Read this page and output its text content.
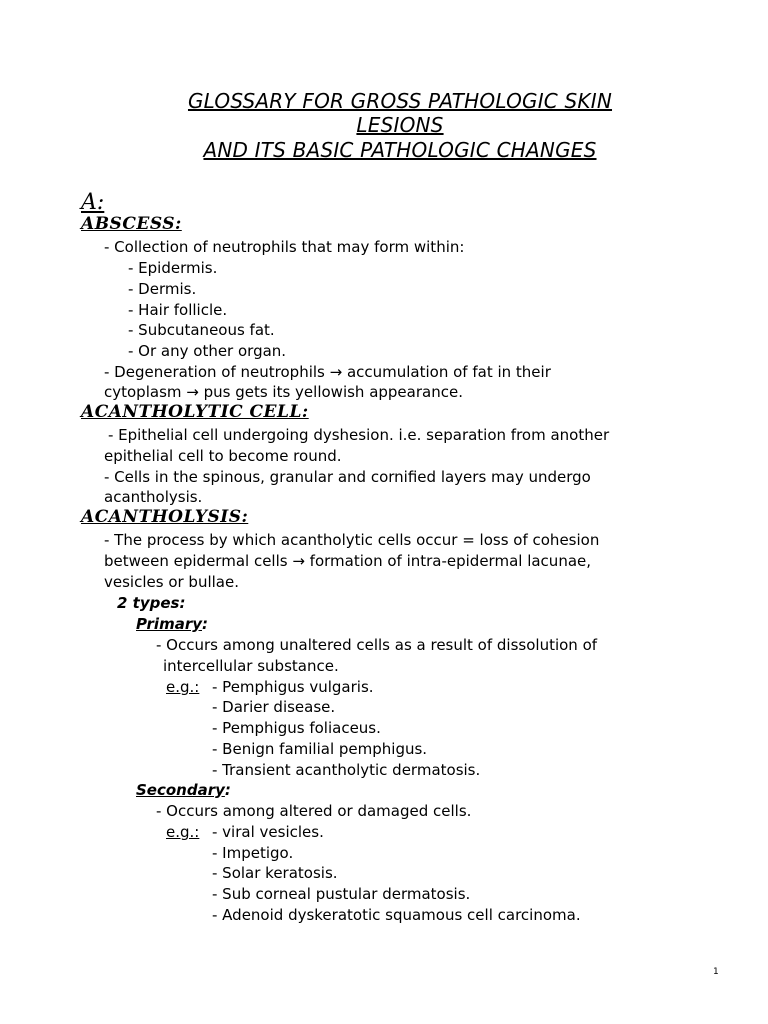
GLOSSARY FOR GROSS PATHOLOGIC SKIN
LESIONS
AND ITS BASIC PATHOLOGIC CHANGES
A:
ABSCESS:
- Collection of neutrophils that may form within:
- Epidermis.
- Dermis.
- Hair follicle.
- Subcutaneous fat.
- Or any other organ.
- Degeneration of neutrophils → accumulation of fat in their
cytoplasm → pus gets its yellowish appearance.
ACANTHOLYTIC CELL:
- Epithelial cell undergoing dyshesion. i.e. separation from another
epithelial cell to become round.
- Cells in the spinous, granular and cornified layers may undergo
acantholysis.
ACANTHOLYSIS:
- The process by which acantholytic cells occur = loss of cohesion
between epidermal cells → formation of intra-epidermal lacunae,
vesicles or bullae.
2 types:
Primary:
- Occurs among unaltered cells as a result of dissolution of
intercellular substance.
e.g.: - Pemphigus vulgaris.
- Darier disease.
- Pemphigus foliaceus.
- Benign familial pemphigus.
- Transient acantholytic dermatosis.
Secondary:
- Occurs among altered or damaged cells.
e.g.: - viral vesicles.
- Impetigo.
- Solar keratosis.
- Sub corneal pustular dermatosis.
- Adenoid dyskeratotic squamous cell carcinoma.
1
